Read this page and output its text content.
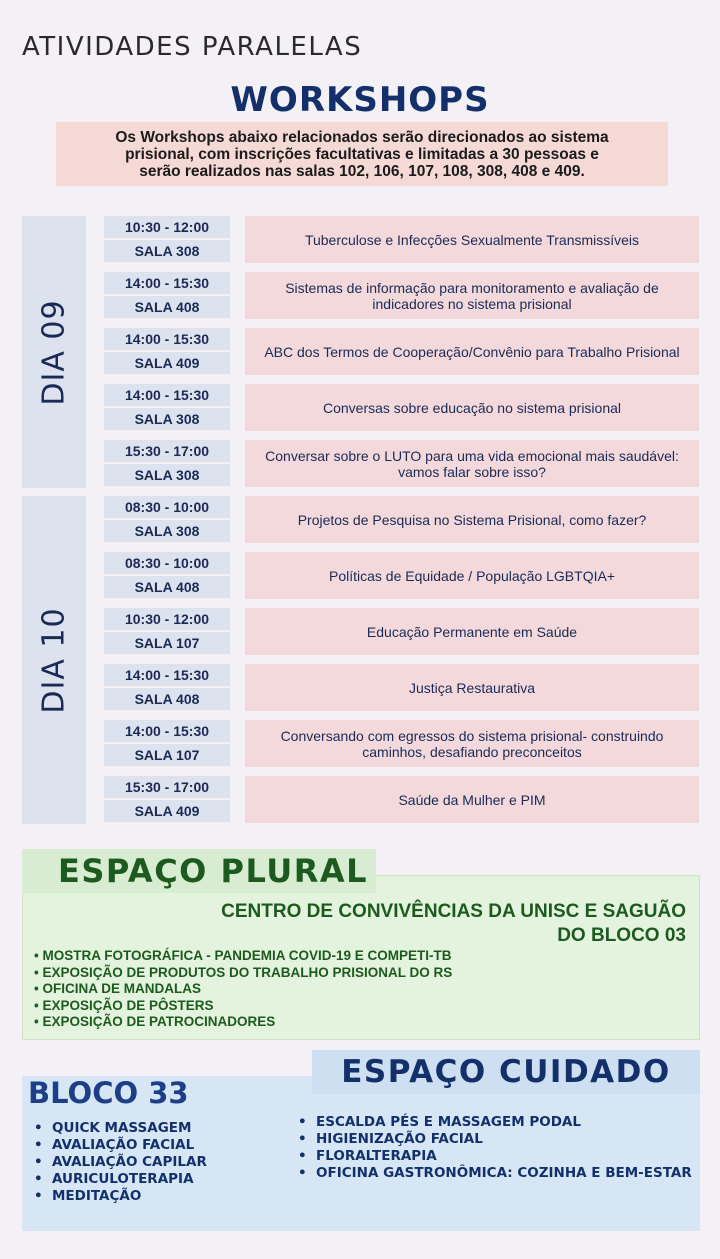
ATIVIDADES PARALELAS
WORKSHOPS
Os Workshops abaixo relacionados serão direcionados ao sistema
prisional, com inscrições facultativas e limitadas a 30 pessoas e
serão realizados nas salas 102, 106, 107, 108, 308, 408 e 409.
DIA 09
10:30 - 12:00
SALA 308
Tuberculose e Infecções Sexualmente Transmissíveis
14:00 - 15:30
SALA 408
Sistemas de informação para monitoramento e avaliação de indicadores no sistema prisional
14:00 - 15:30
SALA 409
ABC dos Termos de Cooperação/Convênio para Trabalho Prisional
14:00 - 15:30
SALA 308
Conversas sobre educação no sistema prisional
15:30 - 17:00
SALA 308
Conversar sobre o LUTO para uma vida emocional mais saudável: vamos falar sobre isso?
DIA 10
08:30 - 10:00
SALA 308
Projetos de Pesquisa no Sistema Prisional, como fazer?
08:30 - 10:00
SALA 408
Políticas de Equidade / População LGBTQIA+
10:30 - 12:00
SALA 107
Educação Permanente em Saúde
14:00 - 15:30
SALA 408
Justiça Restaurativa
14:00 - 15:30
SALA 107
Conversando com egressos do sistema prisional- construindo caminhos, desafiando preconceitos
15:30 - 17:00
SALA 409
Saúde da Mulher e PIM
ESPAÇO PLURAL
CENTRO DE CONVIVÊNCIAS DA UNISC E SAGUÃO
DO BLOCO 03
• MOSTRA FOTOGRÁFICA - PANDEMIA COVID-19 E COMPETI-TB
• EXPOSIÇÃO DE PRODUTOS DO TRABALHO PRISIONAL DO RS
• OFICINA DE MANDALAS
• EXPOSIÇÃO DE PÔSTERS
• EXPOSIÇÃO DE PATROCINADORES
ESPAÇO CUIDADO
BLOCO 33
• QUICK MASSAGEM
• AVALIAÇÃO FACIAL
• AVALIAÇÃO CAPILAR
• AURICULOTERAPIA
• MEDITAÇÃO
• ESCALDA PÉS E MASSAGEM PODAL
• HIGIENIZAÇÃO FACIAL
• FLORALTERAPIA
• OFICINA GASTRONÔMICA: COZINHA E BEM-ESTAR
